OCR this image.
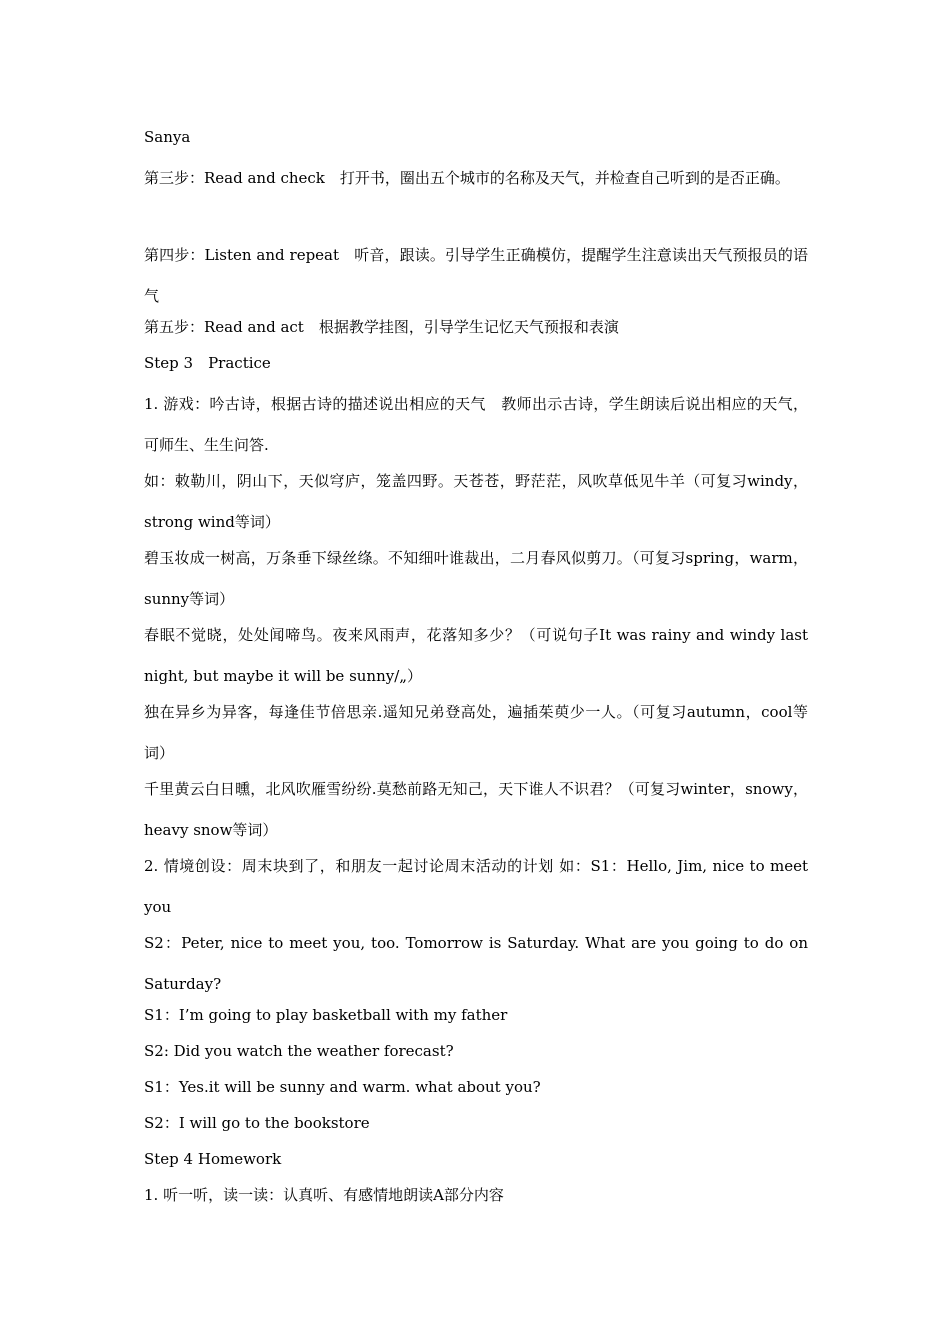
Sanya
第三步：Read and check　打开书，圈出五个城市的名称及天气，并检查自己听到的是否正确。
第四步：Listen and repeat　听音，跟读。引导学生正确模仿，提醒学生注意读出天气预报员的语气
第五步：Read and act　根据教学挂图，引导学生记忆天气预报和表演
Step 3　Practice
1. 游戏：吟古诗，根据古诗的描述说出相应的天气　教师出示古诗，学生朗读后说出相应的天气，可师生、生生问答.
如：敕勒川，阴山下，天似穹庐，笼盖四野。天苍苍，野茫茫，风吹草低见牛羊（可复习windy，strong wind等词）
碧玉妆成一树高，万条垂下绿丝绦。不知细叶谁裁出，二月春风似剪刀。（可复习spring，warm，sunny等词）
春眠不觉晓，处处闻啼鸟。夜来风雨声，花落知多少？（可说句子It was rainy and windy last night, but maybe it will be sunny/„）
独在异乡为异客，每逢佳节倍思亲.遥知兄弟登高处，遍插茱萸少一人。（可复习autumn，cool等词）
千里黄云白日曛，北风吹雁雪纷纷.莫愁前路无知己，天下谁人不识君？（可复习winter，snowy，heavy snow等词）
2. 情境创设：周末块到了，和朋友一起讨论周末活动的计划 如：S1：Hello, Jim, nice to meet you
S2：Peter, nice to meet you, too. Tomorrow is Saturday. What are you going to do on Saturday?
S1：I’m going to play basketball with my father
S2: Did you watch the weather forecast?
S1：Yes.it will be sunny and warm. what about you?
S2：I will go to the bookstore
Step 4 Homework
1. 听一听，读一读：认真听、有感情地朗读A部分内容
